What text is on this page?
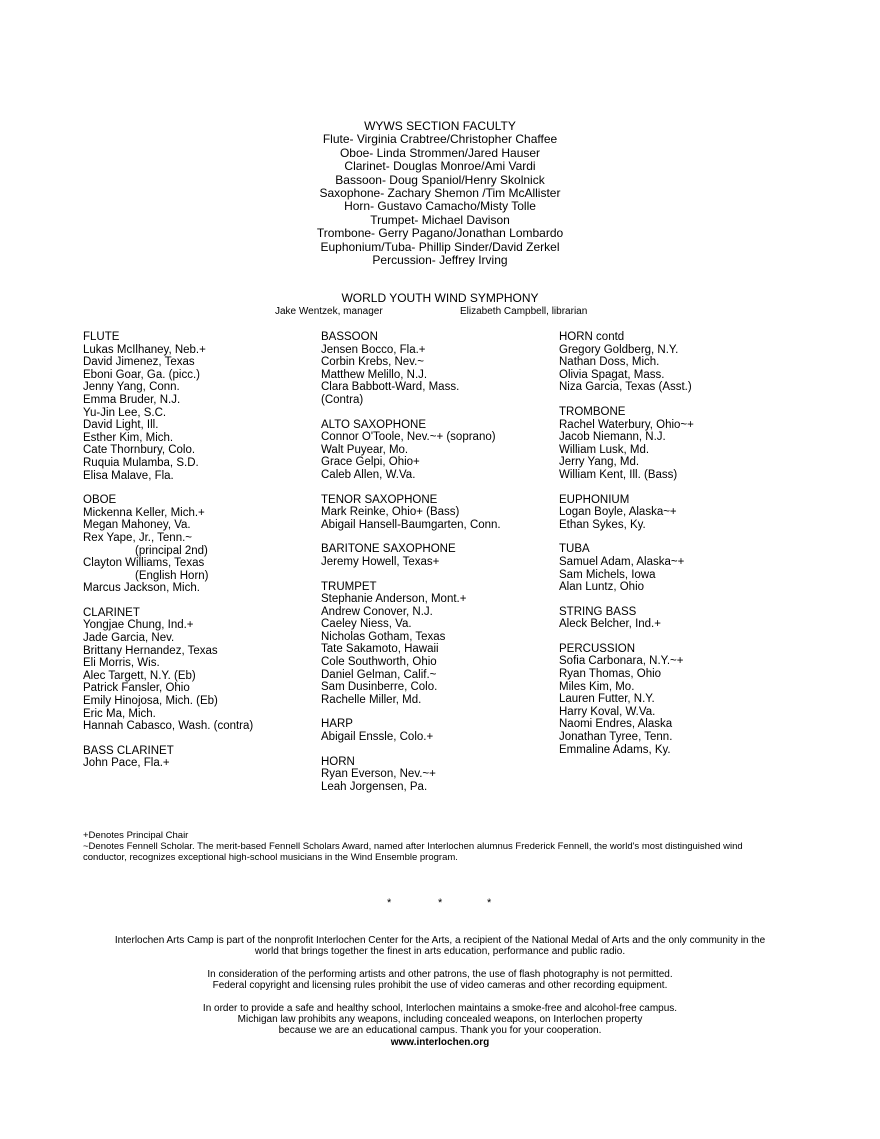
WYWS SECTION FACULTY
Flute- Virginia Crabtree/Christopher Chaffee
Oboe- Linda Strommen/Jared Hauser
Clarinet- Douglas Monroe/Ami Vardi
Bassoon- Doug Spaniol/Henry Skolnick
Saxophone- Zachary Shemon /Tim McAllister
Horn- Gustavo Camacho/Misty Tolle
Trumpet- Michael Davison
Trombone- Gerry Pagano/Jonathan Lombardo
Euphonium/Tuba- Phillip Sinder/David Zerkel
Percussion- Jeffrey Irving
WORLD YOUTH WIND SYMPHONY
Jake Wentzek, manager	Elizabeth Campbell, librarian
FLUTE
Lukas McIlhaney, Neb.+
David Jimenez, Texas
Eboni Goar, Ga. (picc.)
Jenny Yang, Conn.
Emma Bruder, N.J.
Yu-Jin Lee, S.C.
David Light, Ill.
Esther Kim, Mich.
Cate Thornbury, Colo.
Ruquia Mulamba, S.D.
Elisa Malave, Fla.
OBOE
Mickenna Keller, Mich.+
Megan Mahoney, Va.
Rex Yape, Jr., Tenn.~
(principal 2nd)
Clayton Williams, Texas
(English Horn)
Marcus Jackson, Mich.
CLARINET
Yongjae Chung, Ind.+
Jade Garcia, Nev.
Brittany Hernandez, Texas
Eli Morris, Wis.
Alec Targett, N.Y. (Eb)
Patrick Fansler, Ohio
Emily Hinojosa, Mich. (Eb)
Eric Ma, Mich.
Hannah Cabasco, Wash. (contra)
BASS CLARINET
John Pace, Fla.+
BASSOON
Jensen Bocco, Fla.+
Corbin Krebs, Nev.~
Matthew Melillo, N.J.
Clara Babbott-Ward, Mass.
(Contra)
ALTO SAXOPHONE
Connor O'Toole, Nev.~+ (soprano)
Walt Puyear, Mo.
Grace Gelpi, Ohio+
Caleb Allen, W.Va.
TENOR SAXOPHONE
Mark Reinke, Ohio+ (Bass)
Abigail Hansell-Baumgarten, Conn.
BARITONE SAXOPHONE
Jeremy Howell, Texas+
TRUMPET
Stephanie Anderson, Mont.+
Andrew Conover, N.J.
Caeley Niess, Va.
Nicholas Gotham, Texas
Tate Sakamoto, Hawaii
Cole Southworth, Ohio
Daniel Gelman, Calif.~
Sam Dusinberre, Colo.
Rachelle Miller, Md.
HARP
Abigail Enssle, Colo.+
HORN
Ryan Everson, Nev.~+
Leah Jorgensen, Pa.
HORN contd
Gregory Goldberg, N.Y.
Nathan Doss, Mich.
Olivia Spagat, Mass.
Niza Garcia, Texas (Asst.)
TROMBONE
Rachel Waterbury, Ohio~+
Jacob Niemann, N.J.
William Lusk, Md.
Jerry Yang, Md.
William Kent, Ill. (Bass)
EUPHONIUM
Logan Boyle, Alaska~+
Ethan Sykes, Ky.
TUBA
Samuel Adam, Alaska~+
Sam Michels, Iowa
Alan Luntz, Ohio
STRING BASS
Aleck Belcher, Ind.+
PERCUSSION
Sofia Carbonara, N.Y.~+
Ryan Thomas, Ohio
Miles Kim, Mo.
Lauren Futter, N.Y.
Harry Koval, W.Va.
Naomi Endres, Alaska
Jonathan Tyree, Tenn.
Emmaline Adams, Ky.
+Denotes Principal Chair
~Denotes Fennell Scholar. The merit-based Fennell Scholars Award, named after Interlochen alumnus Frederick Fennell, the world's most distinguished wind conductor, recognizes exceptional high-school musicians in the Wind Ensemble program.
*	*	*

Interlochen Arts Camp is part of the nonprofit Interlochen Center for the Arts, a recipient of the National Medal of Arts and the only community in the world that brings together the finest in arts education, performance and public radio.

In consideration of the performing artists and other patrons, the use of flash photography is not permitted.
Federal copyright and licensing rules prohibit the use of video cameras and other recording equipment.

In order to provide a safe and healthy school, Interlochen maintains a smoke-free and alcohol-free campus.
Michigan law prohibits any weapons, including concealed weapons, on Interlochen property
because we are an educational campus. Thank you for your cooperation.
www.interlochen.org
